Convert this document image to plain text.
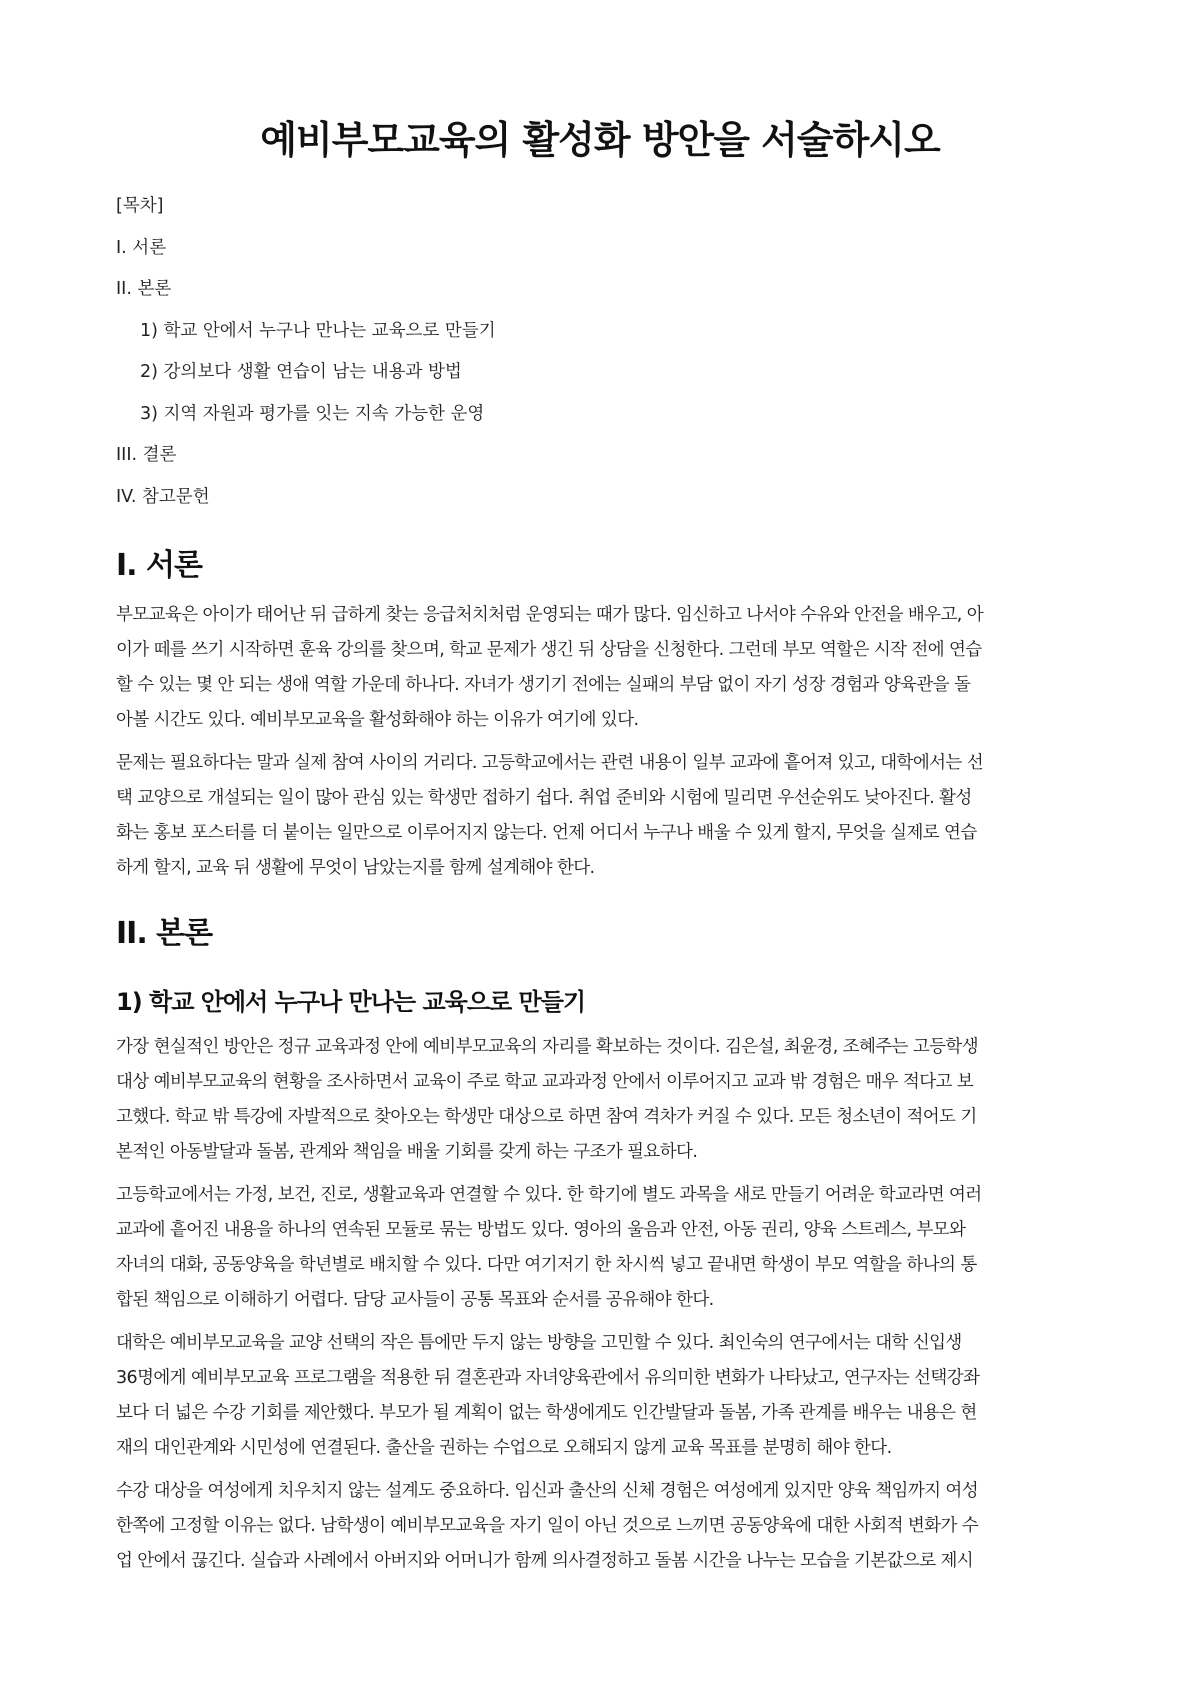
예비부모교육의 활성화 방안을 서술하시오
[목차]
I. 서론
II. 본론
1) 학교 안에서 누구나 만나는 교육으로 만들기
2) 강의보다 생활 연습이 남는 내용과 방법
3) 지역 자원과 평가를 잇는 지속 가능한 운영
III. 결론
IV. 참고문헌
I. 서론

부모교육은 아이가 태어난 뒤 급하게 찾는 응급처치처럼 운영되는 때가 많다. 임신하고 나서야 수유와 안전을 배우고, 아
이가 떼를 쓰기 시작하면 훈육 강의를 찾으며, 학교 문제가 생긴 뒤 상담을 신청한다. 그런데 부모 역할은 시작 전에 연습
할 수 있는 몇 안 되는 생애 역할 가운데 하나다. 자녀가 생기기 전에는 실패의 부담 없이 자기 성장 경험과 양육관을 돌
아볼 시간도 있다. 예비부모교육을 활성화해야 하는 이유가 여기에 있다.

문제는 필요하다는 말과 실제 참여 사이의 거리다. 고등학교에서는 관련 내용이 일부 교과에 흩어져 있고, 대학에서는 선
택 교양으로 개설되는 일이 많아 관심 있는 학생만 접하기 쉽다. 취업 준비와 시험에 밀리면 우선순위도 낮아진다. 활성
화는 홍보 포스터를 더 붙이는 일만으로 이루어지지 않는다. 언제 어디서 누구나 배울 수 있게 할지, 무엇을 실제로 연습
하게 할지, 교육 뒤 생활에 무엇이 남았는지를 함께 설계해야 한다.

II. 본론
1) 학교 안에서 누구나 만나는 교육으로 만들기

가장 현실적인 방안은 정규 교육과정 안에 예비부모교육의 자리를 확보하는 것이다. 김은설, 최윤경, 조혜주는 고등학생
대상 예비부모교육의 현황을 조사하면서 교육이 주로 학교 교과과정 안에서 이루어지고 교과 밖 경험은 매우 적다고 보
고했다. 학교 밖 특강에 자발적으로 찾아오는 학생만 대상으로 하면 참여 격차가 커질 수 있다. 모든 청소년이 적어도 기
본적인 아동발달과 돌봄, 관계와 책임을 배울 기회를 갖게 하는 구조가 필요하다.

고등학교에서는 가정, 보건, 진로, 생활교육과 연결할 수 있다. 한 학기에 별도 과목을 새로 만들기 어려운 학교라면 여러
교과에 흩어진 내용을 하나의 연속된 모듈로 묶는 방법도 있다. 영아의 울음과 안전, 아동 권리, 양육 스트레스, 부모와
자녀의 대화, 공동양육을 학년별로 배치할 수 있다. 다만 여기저기 한 차시씩 넣고 끝내면 학생이 부모 역할을 하나의 통
합된 책임으로 이해하기 어렵다. 담당 교사들이 공통 목표와 순서를 공유해야 한다.

대학은 예비부모교육을 교양 선택의 작은 틈에만 두지 않는 방향을 고민할 수 있다. 최인숙의 연구에서는 대학 신입생
36명에게 예비부모교육 프로그램을 적용한 뒤 결혼관과 자녀양육관에서 유의미한 변화가 나타났고, 연구자는 선택강좌
보다 더 넓은 수강 기회를 제안했다. 부모가 될 계획이 없는 학생에게도 인간발달과 돌봄, 가족 관계를 배우는 내용은 현
재의 대인관계와 시민성에 연결된다. 출산을 권하는 수업으로 오해되지 않게 교육 목표를 분명히 해야 한다.

수강 대상을 여성에게 치우치지 않는 설계도 중요하다. 임신과 출산의 신체 경험은 여성에게 있지만 양육 책임까지 여성
한쪽에 고정할 이유는 없다. 남학생이 예비부모교육을 자기 일이 아닌 것으로 느끼면 공동양육에 대한 사회적 변화가 수
업 안에서 끊긴다. 실습과 사례에서 아버지와 어머니가 함께 의사결정하고 돌봄 시간을 나누는 모습을 기본값으로 제시
